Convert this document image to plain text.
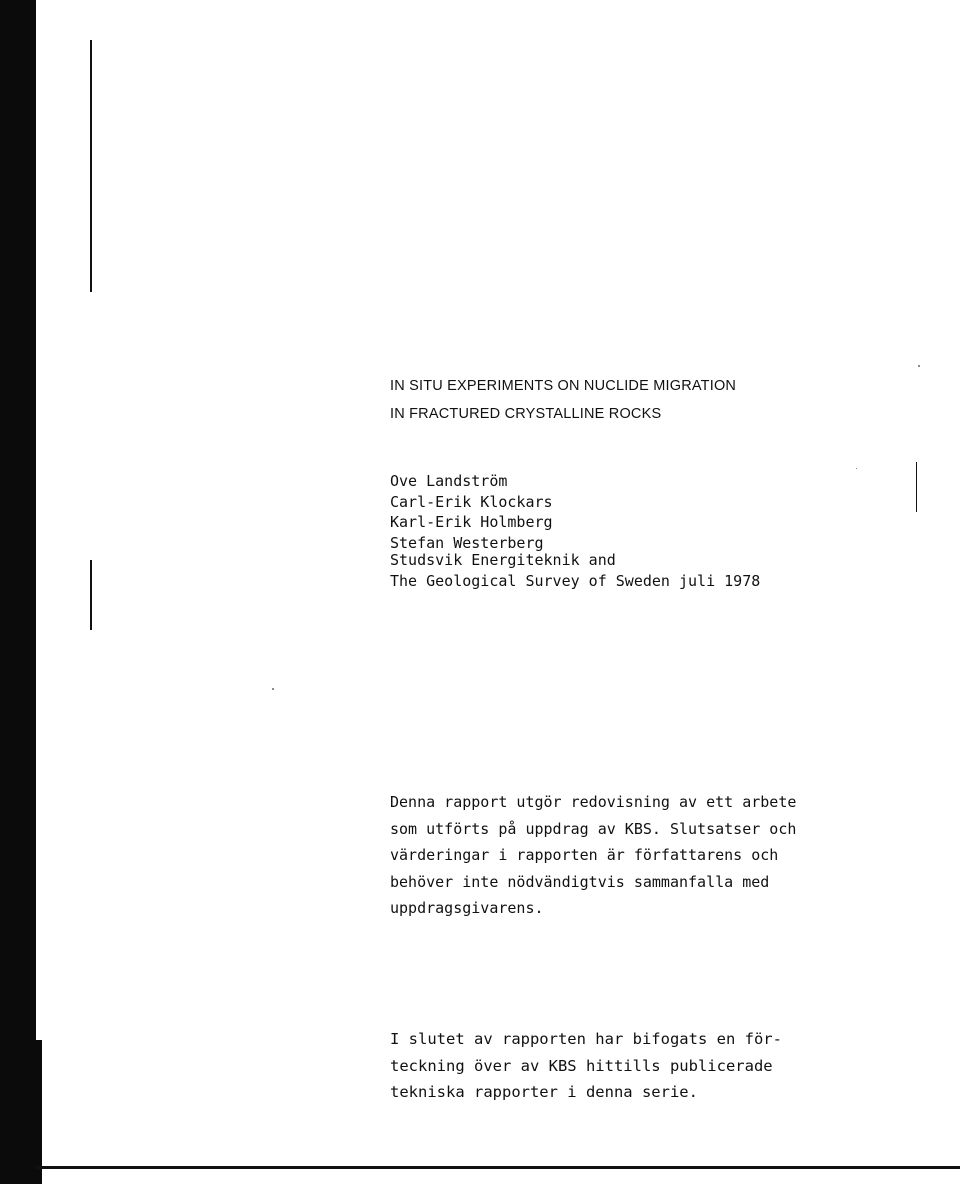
IN SITU EXPERIMENTS ON NUCLIDE MIGRATION
IN FRACTURED CRYSTALLINE ROCKS
Ove Landström
Carl-Erik Klockars
Karl-Erik Holmberg
Stefan Westerberg
Studsvik Energiteknik and
The Geological Survey of Sweden juli 1978
Denna rapport utgör redovisning av ett arbete
som utförts på uppdrag av KBS. Slutsatser och
värderingar i rapporten är författarens och
behöver inte nödvändigtvis sammanfalla med
uppdragsgivarens.
I slutet av rapporten har bifogats en för-
teckning över av KBS hittills publicerade
tekniska rapporter i denna serie.
